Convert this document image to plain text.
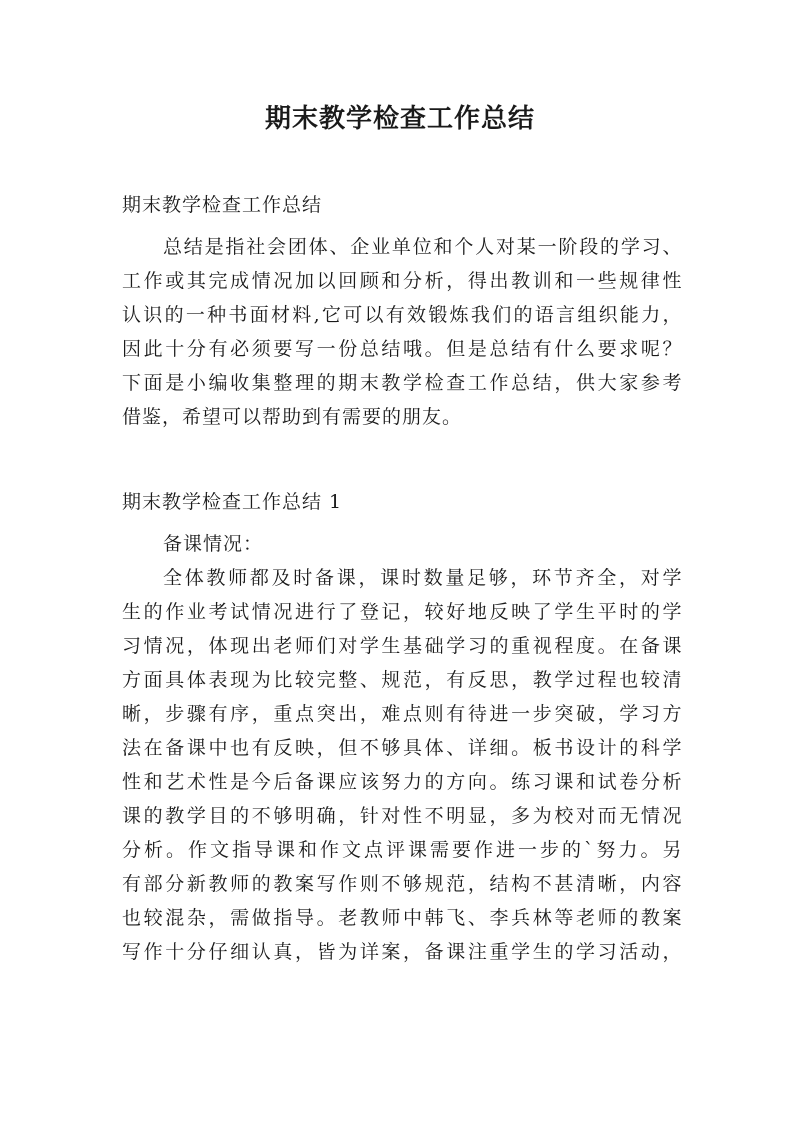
期末教学检查工作总结
期末教学检查工作总结
总结是指社会团体、企业单位和个人对某一阶段的学习、
工作或其完成情况加以回顾和分析，得出教训和一些规律性
认识的一种书面材料,它可以有效锻炼我们的语言组织能力，
因此十分有必须要写一份总结哦。但是总结有什么要求呢？
下面是小编收集整理的期末教学检查工作总结，供大家参考
借鉴，希望可以帮助到有需要的朋友。
期末教学检查工作总结 1
备课情况：
全体教师都及时备课，课时数量足够，环节齐全，对学
生的作业考试情况进行了登记，较好地反映了学生平时的学
习情况，体现出老师们对学生基础学习的重视程度。在备课
方面具体表现为比较完整、规范，有反思，教学过程也较清
晰，步骤有序，重点突出，难点则有待进一步突破，学习方
法在备课中也有反映，但不够具体、详细。板书设计的科学
性和艺术性是今后备课应该努力的方向。练习课和试卷分析
课的教学目的不够明确，针对性不明显，多为校对而无情况
分析。作文指导课和作文点评课需要作进一步的`努力。另
有部分新教师的教案写作则不够规范，结构不甚清晰，内容
也较混杂，需做指导。老教师中韩飞、李兵林等老师的教案
写作十分仔细认真，皆为详案，备课注重学生的学习活动，
